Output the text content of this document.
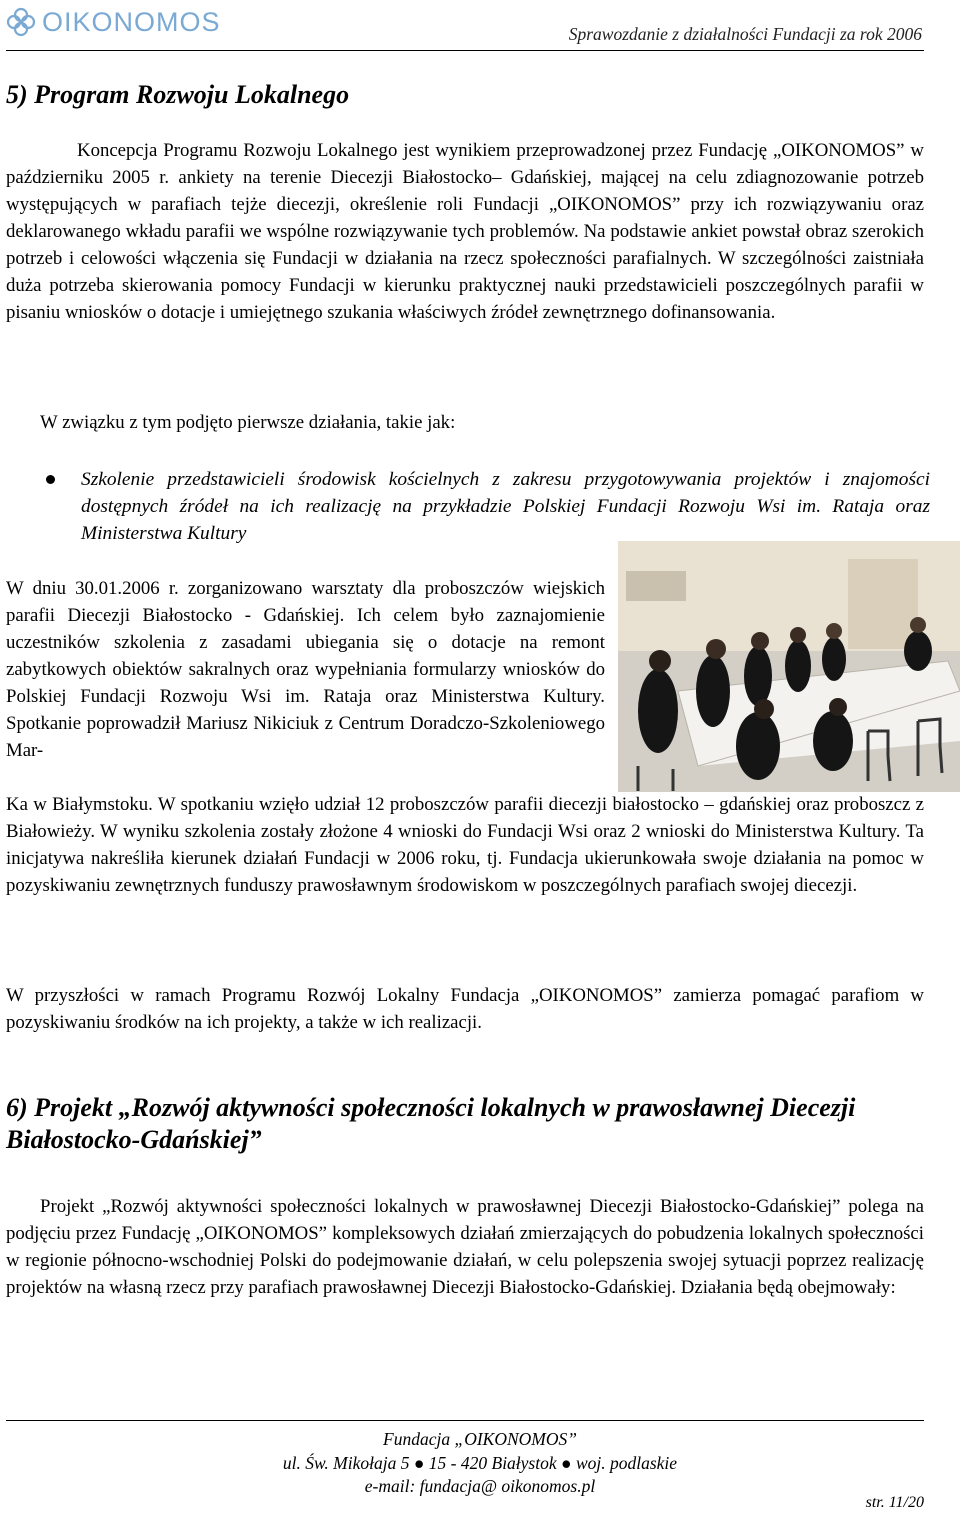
OIKONOMOS	Sprawozdanie z działalności Fundacji za rok 2006
5) Program Rozwoju Lokalnego

Koncepcja Programu Rozwoju Lokalnego jest wynikiem przeprowadzonej przez Fundację „OIKONOMOS” w październiku 2005 r. ankiety na terenie Diecezji Białostocko– Gdańskiej, mającej na celu zdiagnozowanie potrzeb występujących w parafiach tejże diecezji, określenie roli Fundacji „OIKONOMOS” przy ich rozwiązywaniu oraz deklarowanego wkładu parafii we wspólne rozwiązywanie tych problemów. Na podstawie ankiet powstał obraz szerokich potrzeb i celowości włączenia się Fundacji w działania na rzecz społeczności parafialnych. W szczególności zaistniała duża potrzeba skierowania pomocy Fundacji w kierunku praktycznej nauki przedstawicieli poszczególnych parafii w pisaniu wniosków o dotacje i umiejętnego szukania właściwych źródeł zewnętrznego dofinansowania.

W związku z tym podjęto pierwsze działania, takie jak:
Szkolenie przedstawicieli środowisk kościelnych z zakresu przygotowywania projektów i znajomości dostępnych źródeł na ich realizację na przykładzie Polskiej Fundacji Rozwoju Wsi im. Rataja oraz Ministerstwa Kultury
W dniu 30.01.2006 r. zorganizowano warsztaty dla proboszczów wiejskich parafii Diecezji Białostocko - Gdańskiej. Ich celem było zaznajomienie uczestników szkolenia z zasadami ubiegania się o dotacje na remont zabytkowych obiektów sakralnych oraz wypełniania formularzy wniosków do Polskiej Fundacji Rozwoju Wsi im. Rataja oraz Ministerstwa Kultury. Spotkanie poprowadził Mariusz Nikiciuk z Centrum Doradczo-Szkoleniowego Mar-
Ka w Białymstoku. W spotkaniu wzięło udział 12 proboszczów parafii diecezji białostocko – gdańskiej oraz proboszcz z Białowieży. W wyniku szkolenia zostały złożone 4 wnioski do Fundacji Wsi oraz 2 wnioski do Ministerstwa Kultury. Ta inicjatywa nakreśliła kierunek działań Fundacji w 2006 roku, tj. Fundacja ukierunkowała swoje działania na pomoc w pozyskiwaniu zewnętrznych funduszy prawosławnym środowiskom w poszczególnych parafiach swojej diecezji.
W przyszłości w ramach Programu Rozwój Lokalny Fundacja „OIKONOMOS” zamierza pomagać parafiom w pozyskiwaniu środków na ich projekty, a także w ich realizacji.
6) Projekt „Rozwój aktywności społeczności lokalnych w prawosławnej Diecezji Białostocko-Gdańskiej”

Projekt „Rozwój aktywności społeczności lokalnych w prawosławnej Diecezji Białostocko-Gdańskiej” polega na podjęciu przez Fundację „OIKONOMOS” kompleksowych działań zmierzających do pobudzenia lokalnych społeczności w regionie północno-wschodniej Polski do podejmowanie działań, w celu polepszenia swojej sytuacji poprzez realizację projektów na własną rzecz przy parafiach prawosławnej Diecezji Białostocko-Gdańskiej. Działania będą obejmowały:

Fundacja „OIKONOMOS”
ul. Św. Mikołaja 5 ● 15 - 420 Białystok ● woj. podlaskie
e-mail: fundacja@ oikonomos.pl
str. 11/20
